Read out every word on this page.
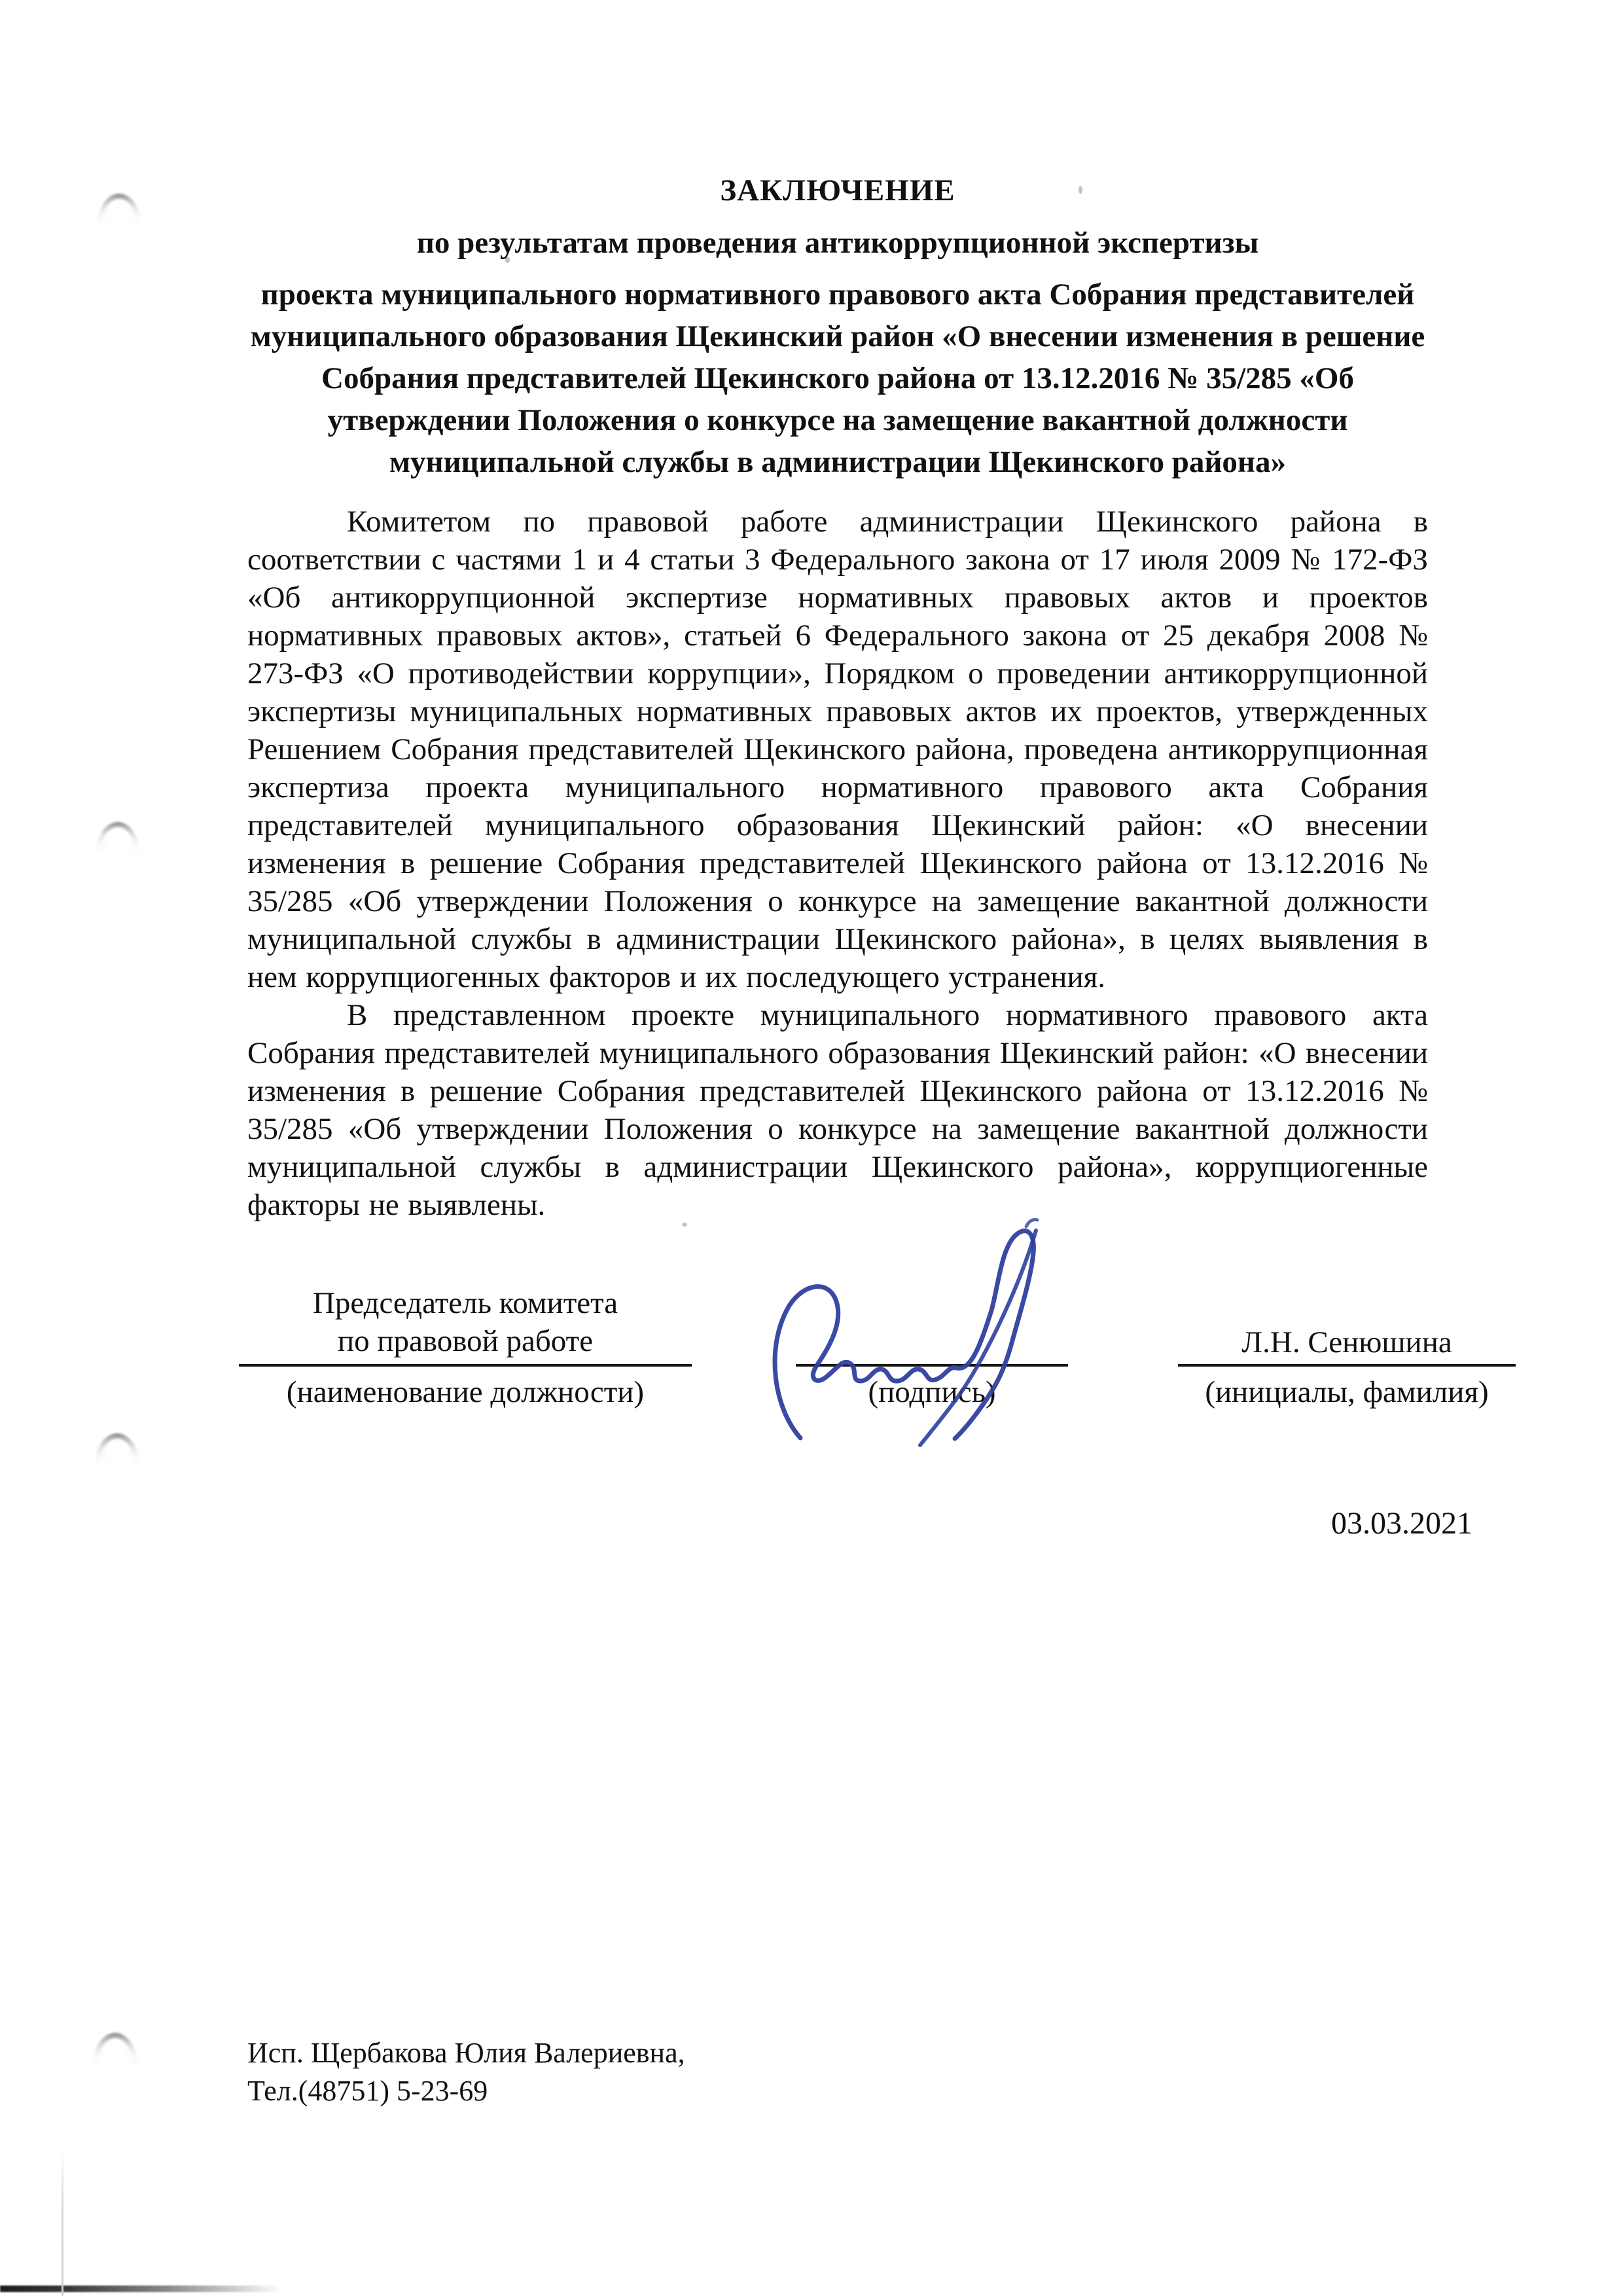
ЗАКЛЮЧЕНИЕ
по результатам проведения антикоррупционной экспертизы
проекта муниципального нормативного правового акта Собрания представителей муниципального образования Щекинский район «О внесении изменения в решение Собрания представителей Щекинского района от 13.12.2016 № 35/285 «Об утверждении Положения о конкурсе на замещение вакантной должности муниципальной службы в администрации Щекинского района»

Комитетом по правовой работе администрации Щекинского района в соответствии с частями 1 и 4 статьи 3 Федерального закона от 17 июля 2009 № 172-ФЗ «Об антикоррупционной экспертизе нормативных правовых актов и проектов нормативных правовых актов», статьей 6 Федерального закона от 25 декабря 2008 № 273-ФЗ «О противодействии коррупции», Порядком о проведении антикоррупционной экспертизы муниципальных нормативных правовых актов их проектов, утвержденных Решением Собрания представителей Щекинского района, проведена антикоррупционная экспертиза проекта муниципального нормативного правового акта Собрания представителей муниципального образования Щекинский район: «О внесении изменения в решение Собрания представителей Щекинского района от 13.12.2016 № 35/285 «Об утверждении Положения о конкурсе на замещение вакантной должности муниципальной службы в администрации Щекинского района», в целях выявления в нем коррупциогенных факторов и их последующего устранения.

В представленном проекте муниципального нормативного правового акта Собрания представителей муниципального образования Щекинский район: «О внесении изменения в решение Собрания представителей Щекинского района от 13.12.2016 № 35/285 «Об утверждении Положения о конкурсе на замещение вакантной должности муниципальной службы в администрации Щекинского района», коррупциогенные факторы не выявлены.

Председатель комитета
по правовой работе
(наименование должности)	(подпись)
Л.Н. Сенюшина
(инициалы, фамилия)
03.03.2021
Исп. Щербакова Юлия Валериевна,
Тел.(48751) 5-23-69
